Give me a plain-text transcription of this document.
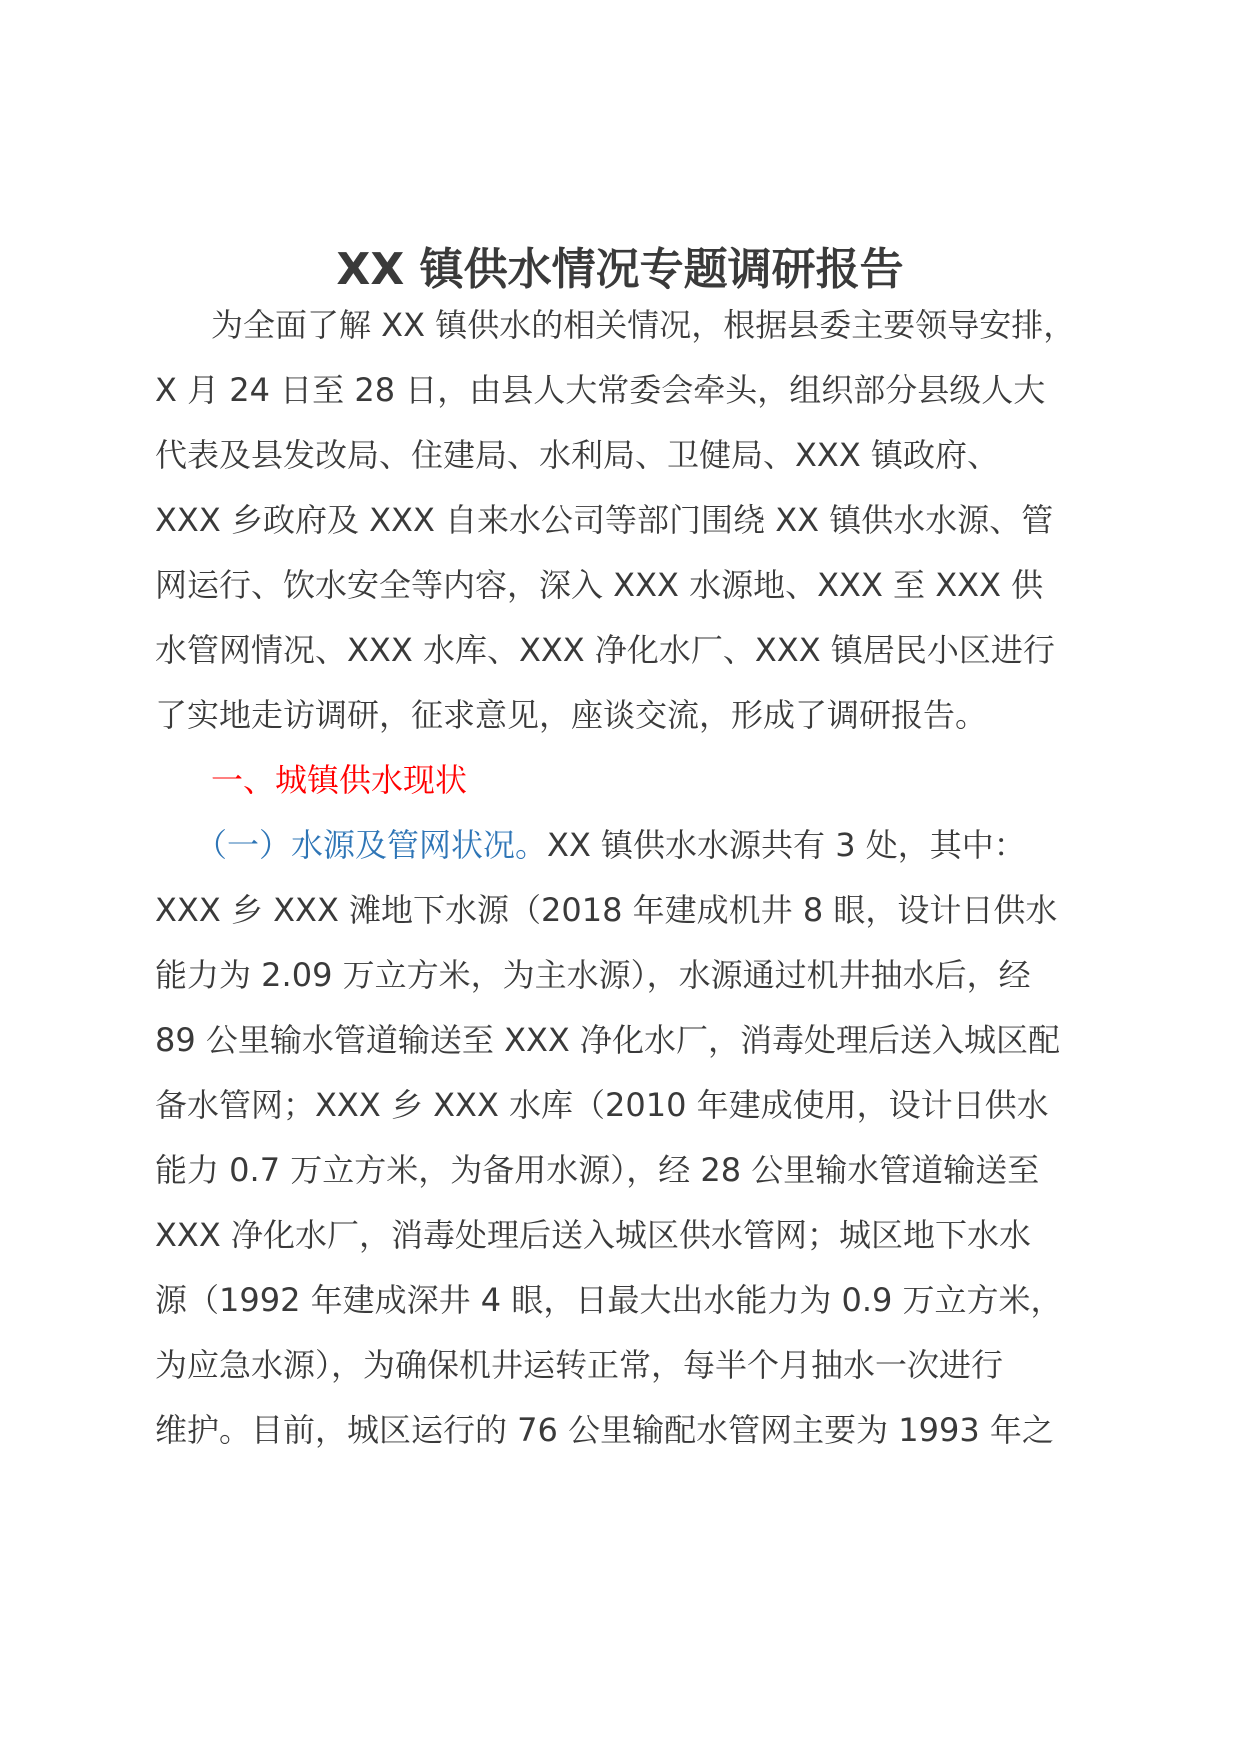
XX 镇供水情况专题调研报告
为全面了解 XX 镇供水的相关情况，根据县委主要领导安排，
X 月 24 日至 28 日，由县人大常委会牵头，组织部分县级人大
代表及县发改局、住建局、水利局、卫健局、XXX 镇政府、
XXX 乡政府及 XXX 自来水公司等部门围绕 XX 镇供水水源、管
网运行、饮水安全等内容，深入 XXX 水源地、XXX 至 XXX 供
水管网情况、XXX 水库、XXX 净化水厂、XXX 镇居民小区进行
了实地走访调研，征求意见，座谈交流，形成了调研报告。
一、城镇供水现状
（一）水源及管网状况。XX 镇供水水源共有 3 处，其中：
XXX 乡 XXX 滩地下水源（2018 年建成机井 8 眼，设计日供水
能力为 2.09 万立方米，为主水源），水源通过机井抽水后，经
89 公里输水管道输送至 XXX 净化水厂，消毒处理后送入城区配
备水管网；XXX 乡 XXX 水库（2010 年建成使用，设计日供水
能力 0.7 万立方米，为备用水源），经 28 公里输水管道输送至
XXX 净化水厂，消毒处理后送入城区供水管网；城区地下水水
源（1992 年建成深井 4 眼，日最大出水能力为 0.9 万立方米，
为应急水源），为确保机井运转正常，每半个月抽水一次进行
维护。目前，城区运行的 76 公里输配水管网主要为 1993 年之
